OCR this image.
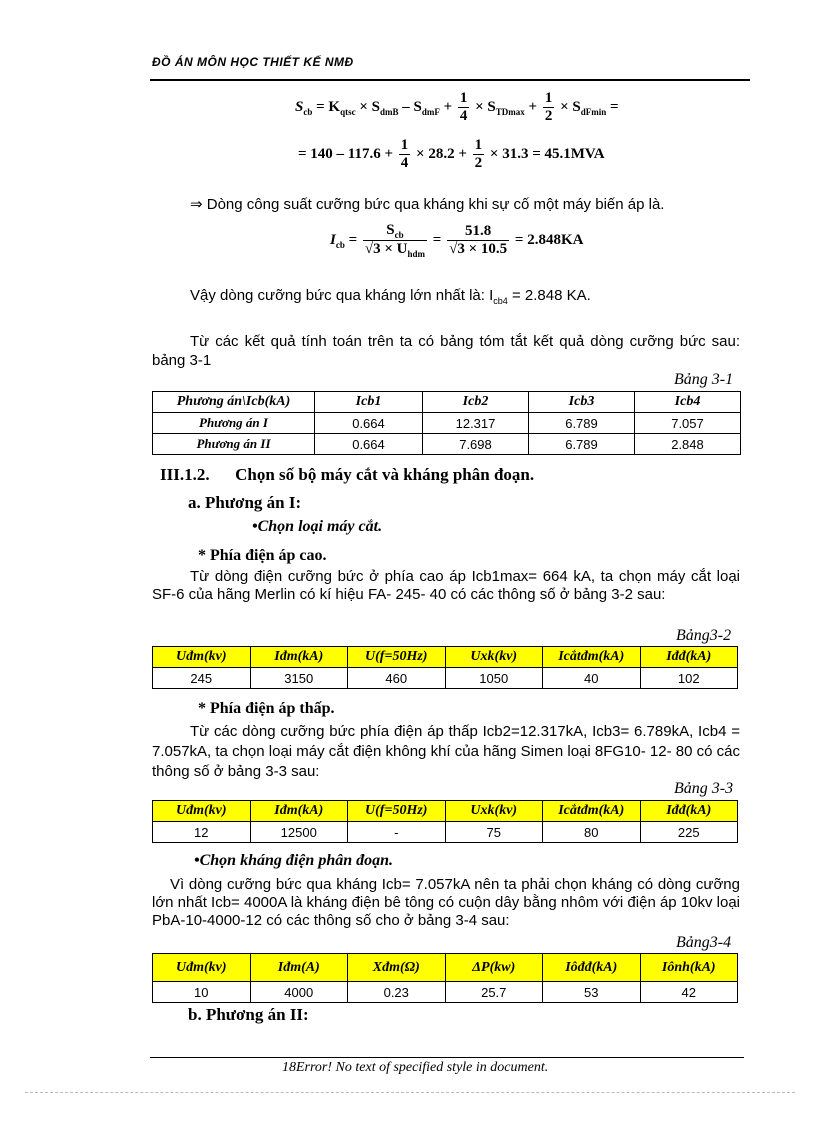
ĐỒ ÁN MÔN HỌC THIẾT KẾ NMĐ
$S_{cb} = K_{qtsc} \times S_{dmB} - S_{dmF} + \frac{1}{4} \times S_{TDmax} + \frac{1}{2} \times S_{dFmin}$ =
= $140 - 117.6 + \frac{1}{4} \times 28.2 + \frac{1}{2} \times 31.3 = 45.1MVA$
⇒ Dòng công suất cưỡng bức qua kháng khi sự cố một máy biến áp là.
$I_{cb} = \frac{S_{cb}}{√3 \times U_{hdm}} = \frac{51.8}{√3 \times 10.5} = 2.848KA$
Vậy dòng cưỡng bức qua kháng lớn nhất là: $I_{cb4} = 2.848$ KA.
Từ các kết quả tính toán trên ta có bảng tóm tắt kết quả dòng cưỡng bức sau: bảng 3-1
Bảng 3-1
Phương án\Icb(kA)	Icb1	Icb2	Icb3	Icb4
Phương án I	0.664	12.317	6.789	7.057
Phương án II	0.664	7.698	6.789	2.848
III.1.2.      Chọn số bộ máy cắt và kháng phân đoạn.
a. Phương án I:
•Chọn loại máy cắt.
* Phía điện áp cao.
Từ dòng điện cưỡng bức ở phía cao áp Icb1max= 664 kA, ta chọn máy cắt loại SF-6 của hãng Merlin có kí hiệu FA- 245- 40 có các thông số ở bảng 3-2 sau:
Bảng3-2
Uđm(kv)	Iđm(kA)	U(f=50Hz)	Uxk(kv)	Icắtđm(kA)	Iđđ(kA)
245	3150	460	1050	40	102
* Phía điện áp thấp.
Từ các dòng cưỡng bức phía điện áp thấp Icb2=12.317kA, Icb3= 6.789kA, Icb4 = 7.057kA, ta chọn loại máy cắt điện không khí của hãng Simen loại 8FG10- 12- 80 có các thông số ở bảng 3-3 sau:
Bảng 3-3
Uđm(kv)	Iđm(kA)	U(f=50Hz)	Uxk(kv)	Icắtđm(kA)	Iđđ(kA)
12	12500	-	75	80	225
•Chọn kháng điện phân đoạn.
Vì dòng cưỡng bức qua kháng Icb= 7.057kA nên ta phải chọn kháng có dòng cưỡng lớn nhất Icb= 4000A là kháng điện bê tông có cuộn dây bằng nhôm với điện áp 10kv loại PbA-10-4000-12 có các thông số cho ở bảng 3-4 sau:
Bảng3-4
Uđm(kv)	Iđm(A)	Xđm(Ω)	ΔP(kw)	Iôđđ(kA)	Iônh(kA)
10	4000	0.23	25.7	53	42
b. Phương án II:
18Error! No text of specified style in document.
